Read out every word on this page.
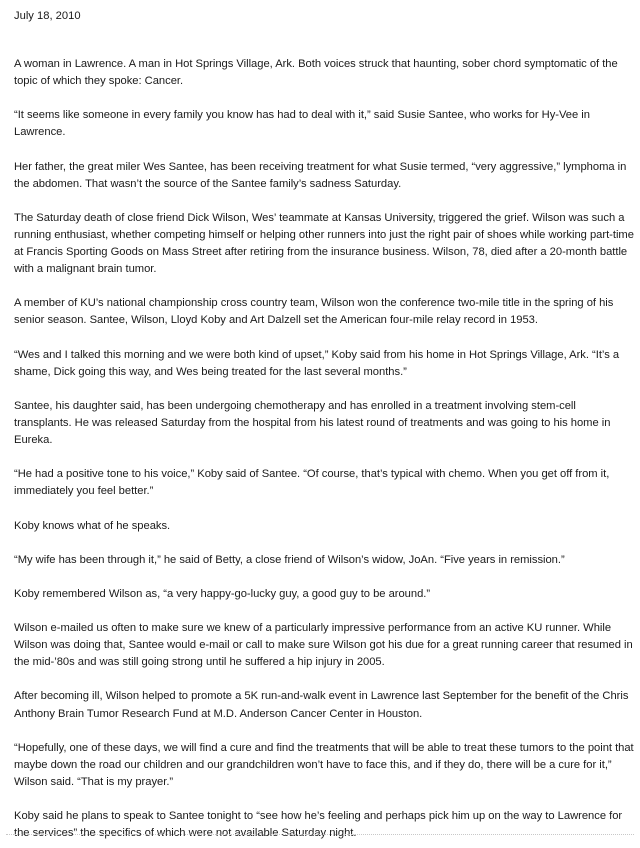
July 18, 2010

A woman in Lawrence. A man in Hot Springs Village, Ark. Both voices struck that haunting, sober chord symptomatic of the topic of which they spoke: Cancer.

“It seems like someone in every family you know has had to deal with it,” said Susie Santee, who works for Hy-Vee in Lawrence.

Her father, the great miler Wes Santee, has been receiving treatment for what Susie termed, “very aggressive,” lymphoma in the abdomen. That wasn’t the source of the Santee family’s sadness Saturday.

The Saturday death of close friend Dick Wilson, Wes’ teammate at Kansas University, triggered the grief. Wilson was such a running enthusiast, whether competing himself or helping other runners into just the right pair of shoes while working part-time at Francis Sporting Goods on Mass Street after retiring from the insurance business. Wilson, 78, died after a 20-month battle with a malignant brain tumor.

A member of KU’s national championship cross country team, Wilson won the conference two-mile title in the spring of his senior season. Santee, Wilson, Lloyd Koby and Art Dalzell set the American four-mile relay record in 1953.

“Wes and I talked this morning and we were both kind of upset,” Koby said from his home in Hot Springs Village, Ark. “It’s a shame, Dick going this way, and Wes being treated for the last several months.”

Santee, his daughter said, has been undergoing chemotherapy and has enrolled in a treatment involving stem-cell transplants. He was released Saturday from the hospital from his latest round of treatments and was going to his home in Eureka.

“He had a positive tone to his voice,” Koby said of Santee. “Of course, that’s typical with chemo. When you get off from it, immediately you feel better.”

Koby knows what of he speaks.

“My wife has been through it,” he said of Betty, a close friend of Wilson’s widow, JoAn. “Five years in remission.”

Koby remembered Wilson as, “a very happy-go-lucky guy, a good guy to be around.”

Wilson e-mailed us often to make sure we knew of a particularly impressive performance from an active KU runner. While Wilson was doing that, Santee would e-mail or call to make sure Wilson got his due for a great running career that resumed in the mid-’80s and was still going strong until he suffered a hip injury in 2005.

After becoming ill, Wilson helped to promote a 5K run-and-walk event in Lawrence last September for the benefit of the Chris Anthony Brain Tumor Research Fund at M.D. Anderson Cancer Center in Houston.

“Hopefully, one of these days, we will find a cure and find the treatments that will be able to treat these tumors to the point that maybe down the road our children and our grandchildren won’t have to face this, and if they do, there will be a cure for it,” Wilson said. “That is my prayer.”

Koby said he plans to speak to Santee tonight to “see how he’s feeling and perhaps pick him up on the way to Lawrence for the services” the specifics of which were not available Saturday night.
